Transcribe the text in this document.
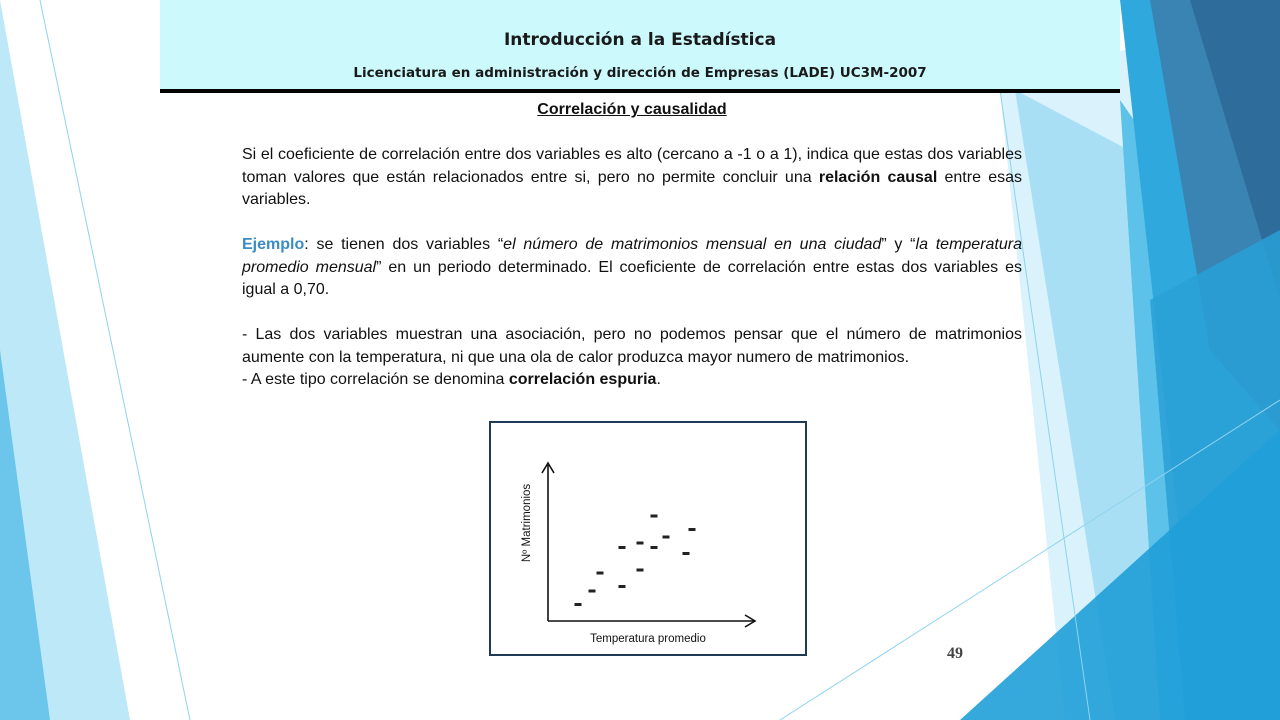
Introducción a la Estadística
Licenciatura en administración y dirección de Empresas (LADE) UC3M-2007
Correlación y causalidad

Si el coeficiente de correlación entre dos variables es alto (cercano a -1 o a 1), indica que estas dos variables toman valores que están relacionados entre si, pero no permite concluir una relación causal entre esas variables.

Ejemplo: se tienen dos variables “el número de matrimonios mensual en una ciudad” y “la temperatura promedio mensual” en un periodo determinado. El coeficiente de correlación entre estas dos variables es igual a 0,70.

- Las dos variables muestran una asociación, pero no podemos pensar que el número de matrimonios aumente con la temperatura, ni que una ola de calor produzca mayor numero de matrimonios.

- A este tipo correlación se denomina correlación espuria.

Nº Matrimonios
Temperatura promedio
49
